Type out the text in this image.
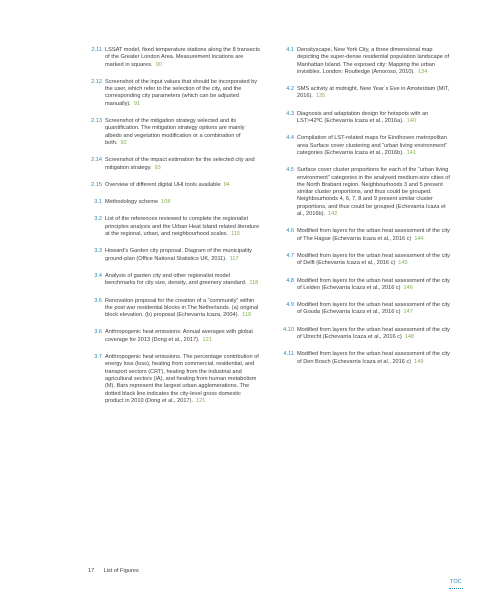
2.11 LSSAT model, fixed temperature stations along the 8 transects of the Greater London Area. Measurement locations are marked in squares. 90
2.12 Screenshot of the input values that should be incorporated by the user, which refer to the selection of the city, and the corresponding city parameters (which can be adjusted manually). 91
2.13 Screenshot of the mitigation strategy selected and its quantification. The mitigation strategy options are mainly albedo and vegetation modification or a combination of both. 92
2.14 Screenshot of the impact estimation for the selected city and mitigation strategy. 93
2.15 Overview of different digital UHI tools available 94
3.1 Methodology scheme 108
3.2 List of the references reviewed to complete the regionalist principles analysis and the Urban Heat Island related literature at the regional, urban, and neighbourhood scales. 115
3.3 Howard’s Garden city proposal. Diagram of the municipality ground-plan (Office National Statistics UK, 2011). 117
3.4 Analysis of garden city and other regionalist model benchmarks for city size, density, and greenery standard. 118
3.5 Renovation proposal for the creation of a “community” within the post war residential blocks in The Netherlands. (a) original block elevation. (b) proposal (Echevarria Icaza, 2004). 119
3.6 Anthropogenic heat emissions: Annual averages with global coverage for 2013 (Dong et al., 2017). 121
3.7 Anthropogenic heat emissions. The percentage contribution of energy loss (loss), heating from commercial, residential, and transport sectors (CRT), heating from the industrial and agricultural sectors (IA), and heating from human metabolism (M). Bars represent the largest urban agglomerations. The dotted black line indicates the city-level gross domestic product in 2010 (Dong et al., 2017). 121
4.1 Densityscape, New York City, a three dimensional map depicting the super-dense residential population landscape of Manhattan Island. The exposed city: Mapping the urban invisibles. London: Routledge (Amoroso, 2010). 134
4.2 SMS activity at midnight, New Year´s Eve in Amsterdam (MIT, 2016). 135
4.3 Diagnosis and adaptation design for hotspots with an LST>42ºC (Echevarria Icaza et al., 2016a). 140
4.4 Compilation of LST-related maps for Eindhoven metropolitan area Surface cover clustering and “urban living environment” categories (Echevarria Icaza et al., 2016b). 141
4.5 Surface cover cluster proportions for each of the “urban living environment” categories in the analysed medium-size cities of the North Brabant region. Neighbourhoods 3 and 5 present similar cluster proportions, and thus could be grouped. Neighbourhoods 4, 6, 7, 8 and 9 present similar cluster proportions, and thus could be grouped (Echevarria Icaza et al., 2016b). 142
4.6 Modified from layers for the urban heat assessment of the city of The Hague (Echevarria Icaza et al., 2016 c) 144
4.7 Modified from layers for the urban heat assessment of the city of Delft (Echevarria Icaza et al., 2016 c) 145
4.8 Modified from layers for the urban heat assessment of the city of Leiden (Echevarria Icaza et al., 2016 c) 146
4.9 Modified from layers for the urban heat assessment of the city of Gouda (Echevarria Icaza et al., 2016 c) 147
4.10 Modified from layers for the urban heat assessment of the city of Utrecht (Echevarria Icaza et al., 2016 c) 148
4.11 Modified from layers for the urban heat assessment of the city of Den Bosch (Echevarria Icaza et al., 2016 c) 149
17 List of Figures
TOC
